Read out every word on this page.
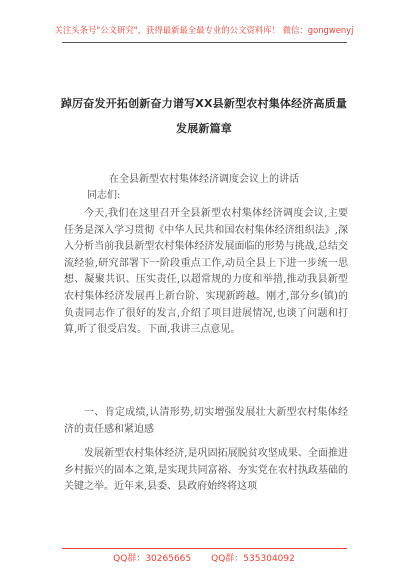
关注头条号"公文研究"，获得最新最全最专业的公文资料库！ 微信：gongwenyj
踔厉奋发开拓创新奋力谱写XX县新型农村集体经济高质量
发展新篇章
在全县新型农村集体经济调度会议上的讲话
同志们:
今天,我们在这里召开全县新型农村集体经济调度会议,主要任务是深入学习贯彻《中华人民共和国农村集体经济组织法》,深入分析当前我县新型农村集体经济发展面临的形势与挑战,总结交流经验,研究部署下一阶段重点工作,动员全县上下进一步统一思想、凝聚共识、压实责任,以超常规的力度和举措,推动我县新型农村集体经济发展再上新台阶、实现新跨越。刚才,部分乡(镇)的负责同志作了很好的发言,介绍了项目进展情况,也谈了问题和打算,听了很受启发。下面,我讲三点意见。
一、肯定成绩,认清形势,切实增强发展壮大新型农村集体经济的责任感和紧迫感
发展新型农村集体经济,是巩固拓展脱贫攻坚成果、全面推进乡村振兴的固本之策,是实现共同富裕、夯实党在农村执政基础的关键之举。近年来,县委、县政府始终将这项
QQ群：30265665 QQ群：535304092
